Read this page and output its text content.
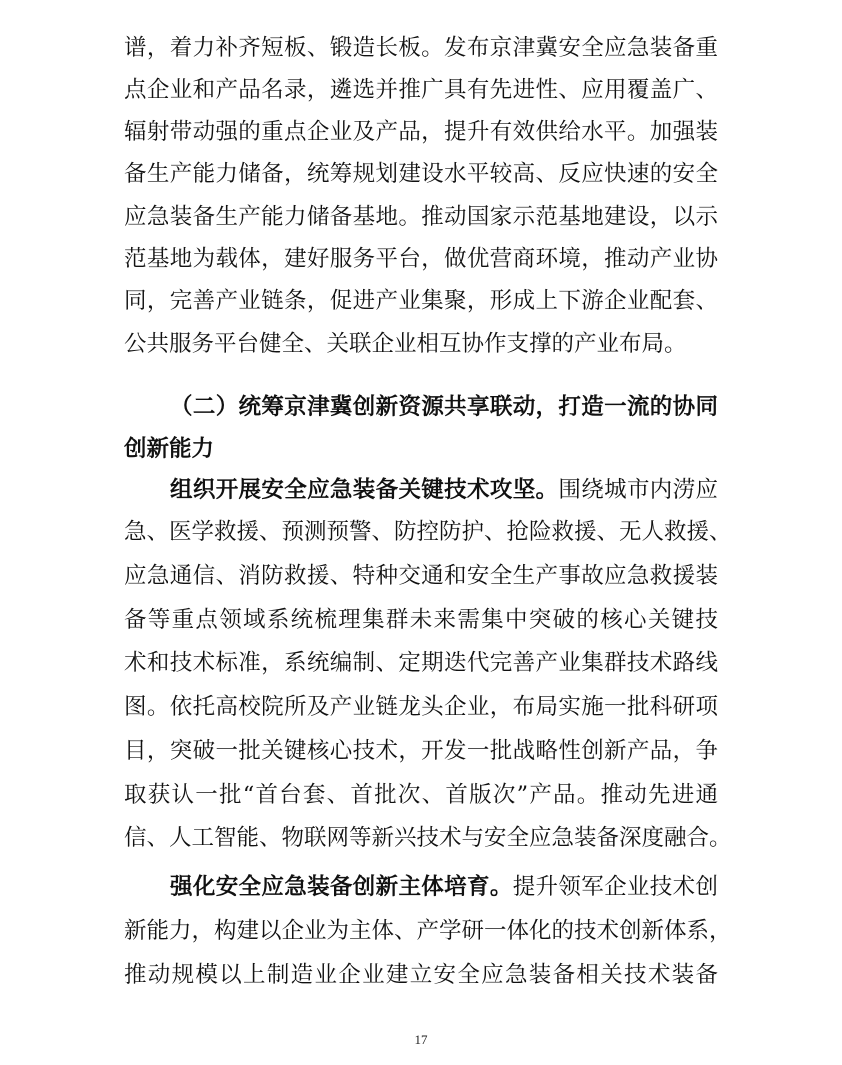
谱，着力补齐短板、锻造长板。发布京津冀安全应急装备重
点企业和产品名录，遴选并推广具有先进性、应用覆盖广、
辐射带动强的重点企业及产品，提升有效供给水平。加强装
备生产能力储备，统筹规划建设水平较高、反应快速的安全
应急装备生产能力储备基地。推动国家示范基地建设，以示
范基地为载体，建好服务平台，做优营商环境，推动产业协
同，完善产业链条，促进产业集聚，形成上下游企业配套、
公共服务平台健全、关联企业相互协作支撑的产业布局。
（二）统筹京津冀创新资源共享联动，打造一流的协同
创新能力
组织开展安全应急装备关键技术攻坚。围绕城市内涝应
急、医学救援、预测预警、防控防护、抢险救援、无人救援、
应急通信、消防救援、特种交通和安全生产事故应急救援装
备等重点领域系统梳理集群未来需集中突破的核心关键技
术和技术标准，系统编制、定期迭代完善产业集群技术路线
图。依托高校院所及产业链龙头企业，布局实施一批科研项
目，突破一批关键核心技术，开发一批战略性创新产品，争
取获认一批“首台套、首批次、首版次”产品。推动先进通
信、人工智能、物联网等新兴技术与安全应急装备深度融合。
强化安全应急装备创新主体培育。提升领军企业技术创
新能力，构建以企业为主体、产学研一体化的技术创新体系，
推动规模以上制造业企业建立安全应急装备相关技术装备
17
